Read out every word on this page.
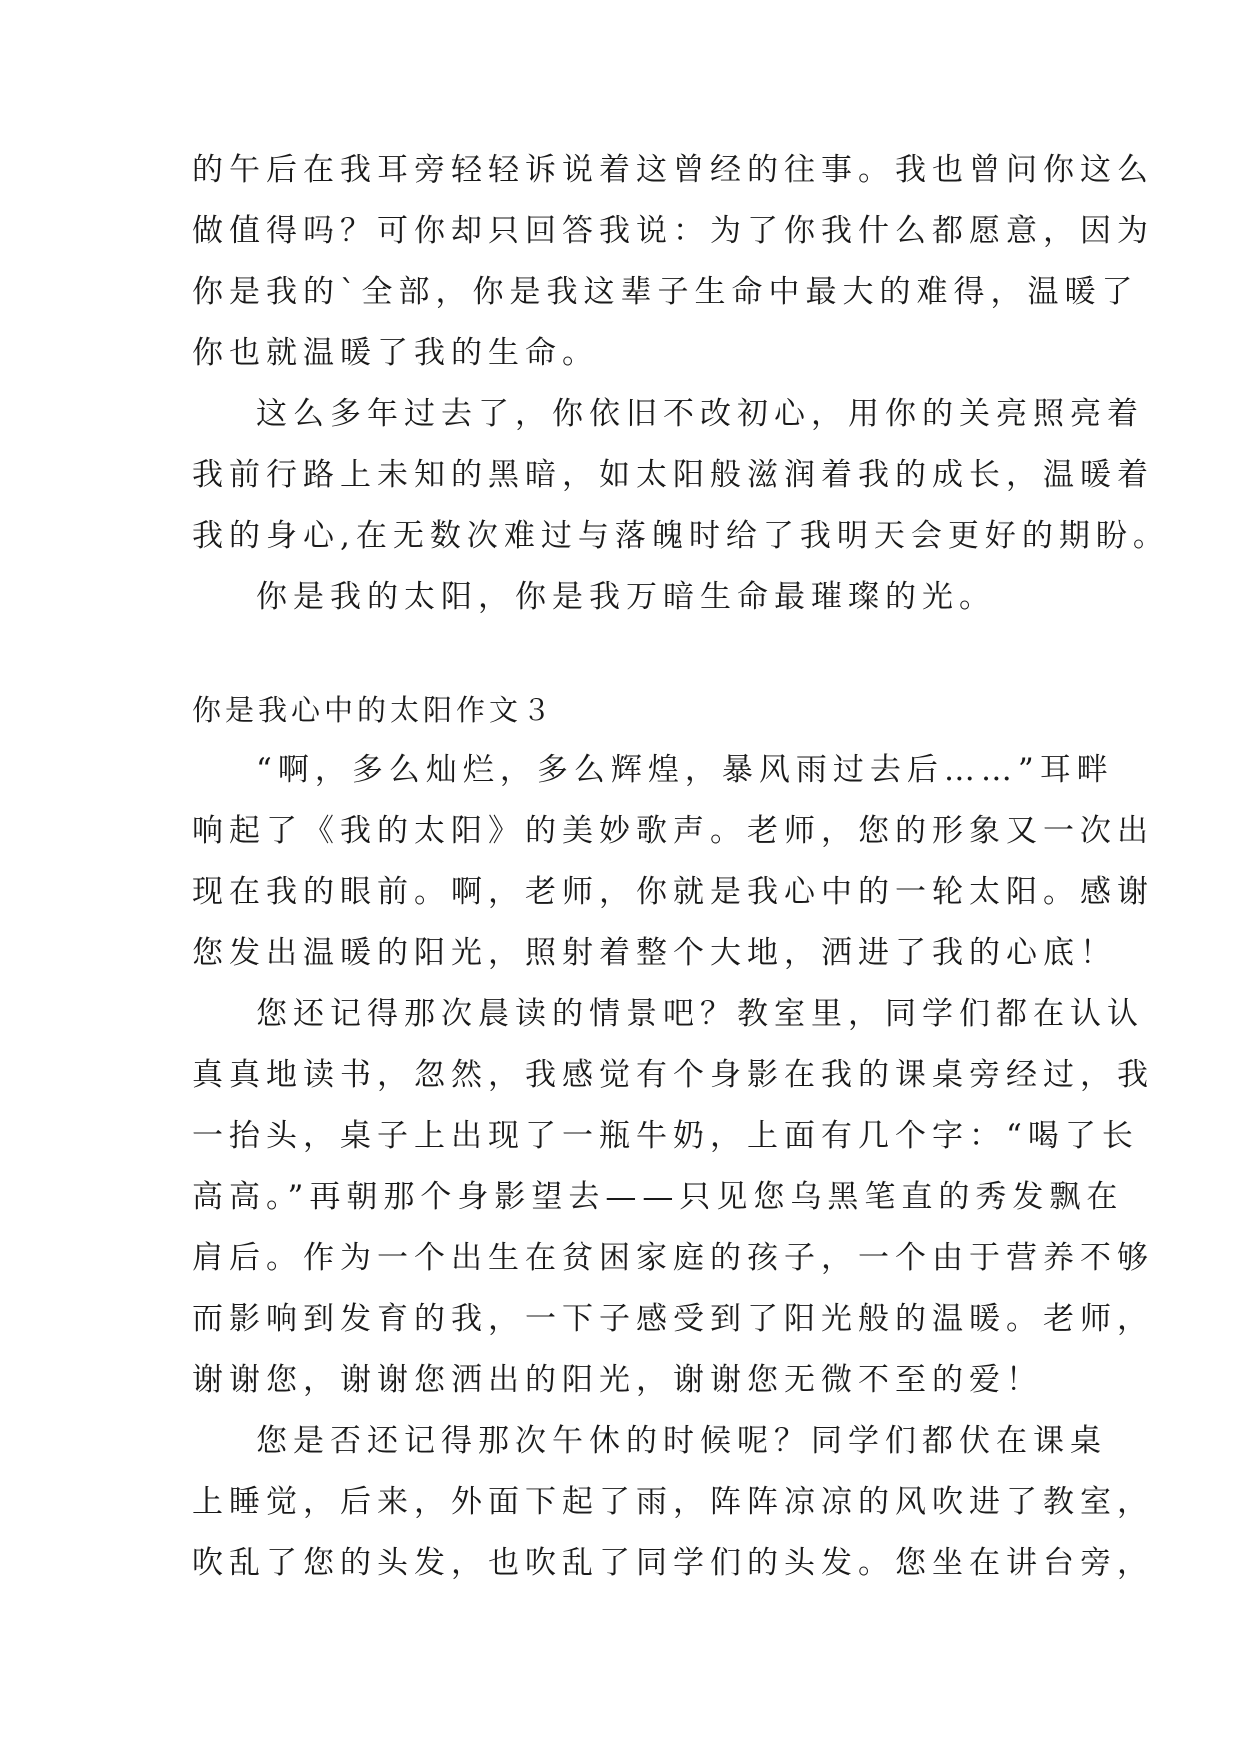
的午后在我耳旁轻轻诉说着这曾经的往事。我也曾问你这么
做值得吗？可你却只回答我说：为了你我什么都愿意，因为
你是我的`全部，你是我这辈子生命中最大的难得，温暖了
你也就温暖了我的生命。
这么多年过去了，你依旧不改初心，用你的关亮照亮着
我前行路上未知的黑暗，如太阳般滋润着我的成长，温暖着
我的身心,在无数次难过与落魄时给了我明天会更好的期盼。
你是我的太阳，你是我万暗生命最璀璨的光。
你是我心中的太阳作文３
“啊，多么灿烂，多么辉煌，暴风雨过去后……”耳畔
响起了《我的太阳》的美妙歌声。老师，您的形象又一次出
现在我的眼前。啊，老师，你就是我心中的一轮太阳。感谢
您发出温暖的阳光，照射着整个大地，洒进了我的心底！
您还记得那次晨读的情景吧？教室里，同学们都在认认
真真地读书，忽然，我感觉有个身影在我的课桌旁经过，我
一抬头，桌子上出现了一瓶牛奶，上面有几个字：“喝了长
高高。”再朝那个身影望去——只见您乌黑笔直的秀发飘在
肩后。作为一个出生在贫困家庭的孩子，一个由于营养不够
而影响到发育的我，一下子感受到了阳光般的温暖。老师，
谢谢您，谢谢您洒出的阳光，谢谢您无微不至的爱！
您是否还记得那次午休的时候呢？同学们都伏在课桌
上睡觉，后来，外面下起了雨，阵阵凉凉的风吹进了教室，
吹乱了您的头发，也吹乱了同学们的头发。您坐在讲台旁，
